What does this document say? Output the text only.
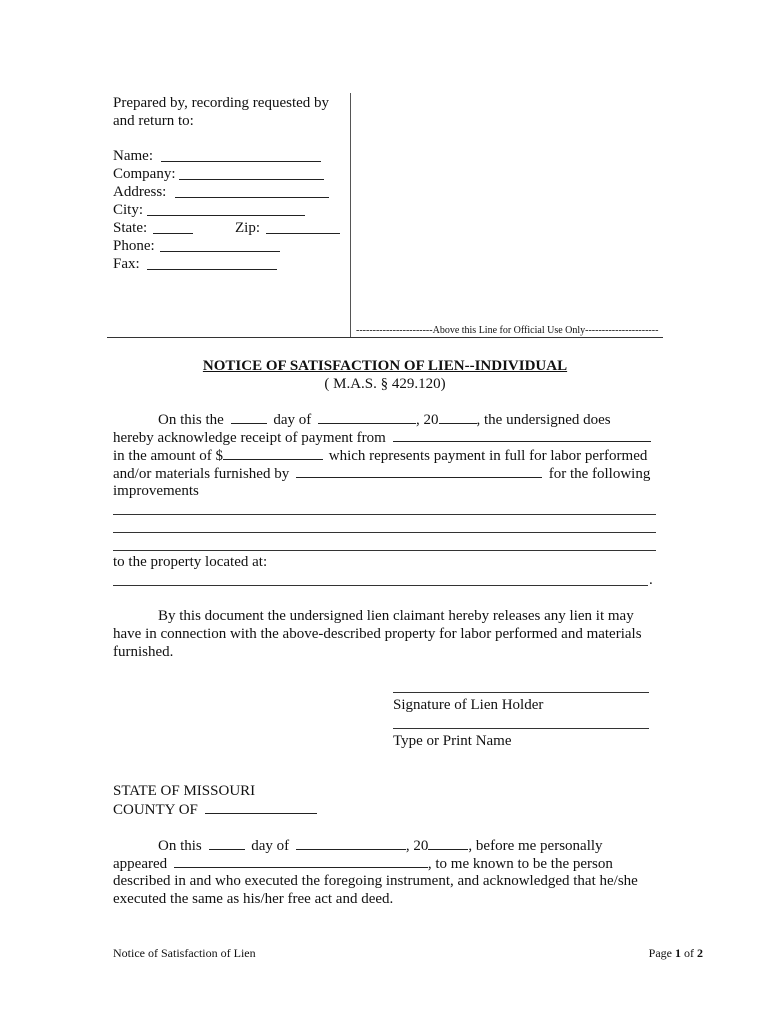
Prepared by, recording requested by
and return to:
Name:
Company:
Address:
City:
State:	Zip:
Phone:
Fax:
-----------------------Above this Line for Official Use Only----------------------
NOTICE OF SATISFACTION OF LIEN--INDIVIDUAL
( M.A.S. § 429.120)
On this the	day of	, 20	, the undersigned does
hereby acknowledge receipt of payment from
in the amount of $	which represents payment in full for labor performed
and/or materials furnished by	for the following
improvements
to the property located at:
.
By this document the undersigned lien claimant hereby releases any lien it may
have in connection with the above-described property for labor performed and materials
furnished.
Signature of Lien Holder
Type or Print Name
STATE OF MISSOURI
COUNTY OF
On this	day of	, 20	, before me personally
appeared	, to me known to be the person
described in and who executed the foregoing instrument, and acknowledged that he/she
executed the same as his/her free act and deed.
Notice of Satisfaction of Lien	Page 1 of 2
